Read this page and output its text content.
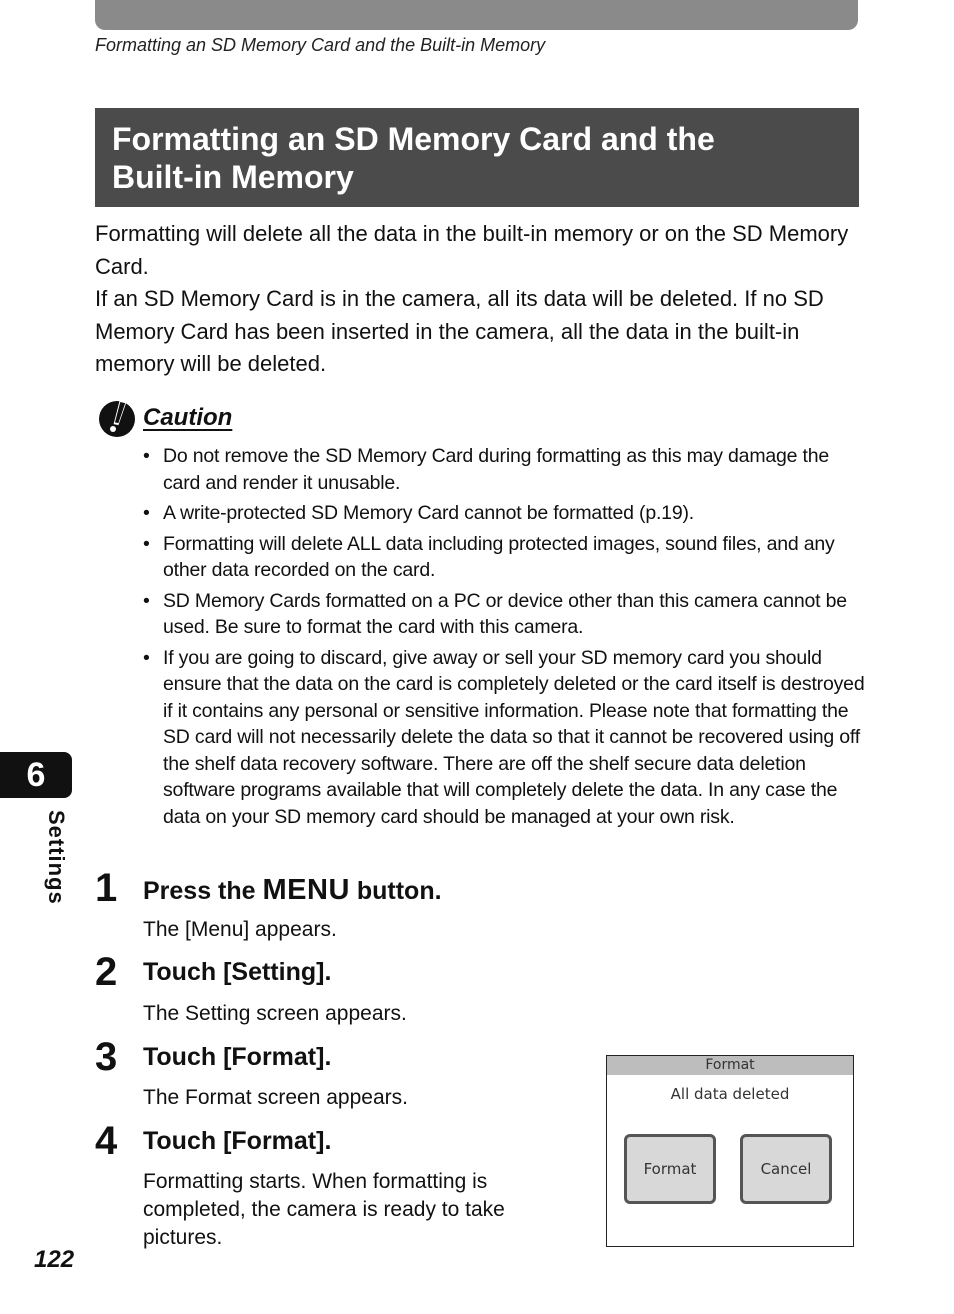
Formatting an SD Memory Card and the Built-in Memory
Formatting an SD Memory Card and the
Built-in Memory

Formatting will delete all the data in the built-in memory or on the SD Memory Card.

If an SD Memory Card is in the camera, all its data will be deleted. If no SD Memory Card has been inserted in the camera, all the data in the built-in memory will be deleted.

Caution
• Do not remove the SD Memory Card during formatting as this may damage the card and render it unusable.
• A write-protected SD Memory Card cannot be formatted (p.19).
• Formatting will delete ALL data including protected images, sound files, and any other data recorded on the card.
• SD Memory Cards formatted on a PC or device other than this camera cannot be used. Be sure to format the card with this camera.
• If you are going to discard, give away or sell your SD memory card you should ensure that the data on the card is completely deleted or the card itself is destroyed if it contains any personal or sensitive information. Please note that formatting the SD card will not necessarily delete the data so that it cannot be recovered using off the shelf data recovery software. There are off the shelf secure data deletion software programs available that will completely delete the data. In any case the data on your SD memory card should be managed at your own risk.
6
Settings 1 Press the MENU button.
The [Menu] appears.
2 Touch [Setting].
The Setting screen appears.
3 Touch [Format].
The Format screen appears.
4 Touch [Format].
Formatting starts. When formatting is completed, the camera is ready to take pictures.
Format
All data deleted
Format	Cancel
122
